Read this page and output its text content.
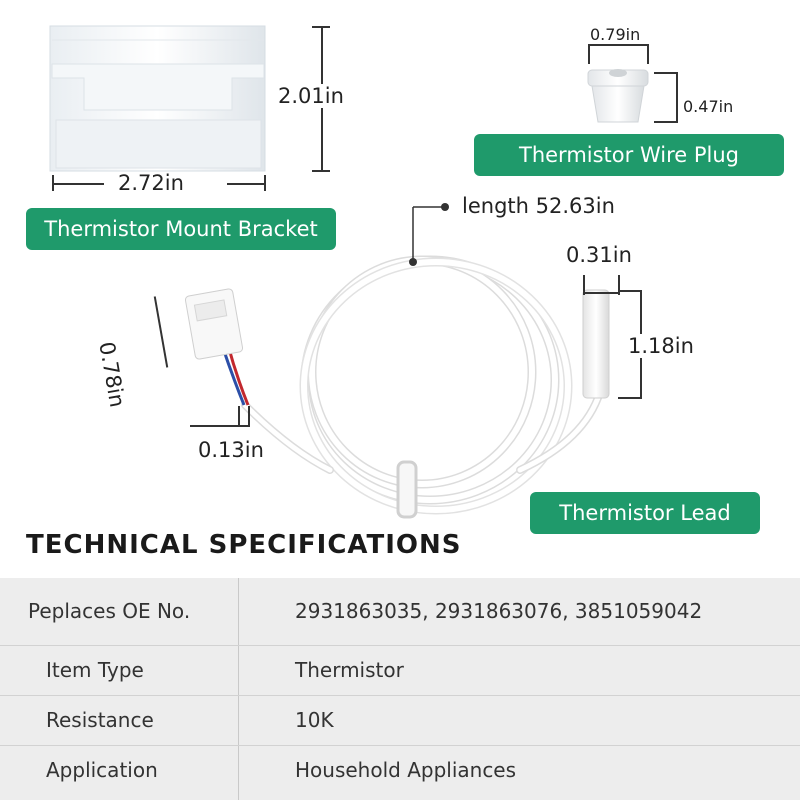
2.01in
2.72in
Thermistor Mount Bracket
0.79in
0.47in
Thermistor Wire Plug
length 52.63in
0.31in
1.18in
0.78in
0.13in
Thermistor Lead
TECHNICAL SPECIFICATIONS
Peplaces OE No.	2931863035, 2931863076, 3851059042
Item Type	Thermistor
Resistance	10K
Application	Household Appliances
